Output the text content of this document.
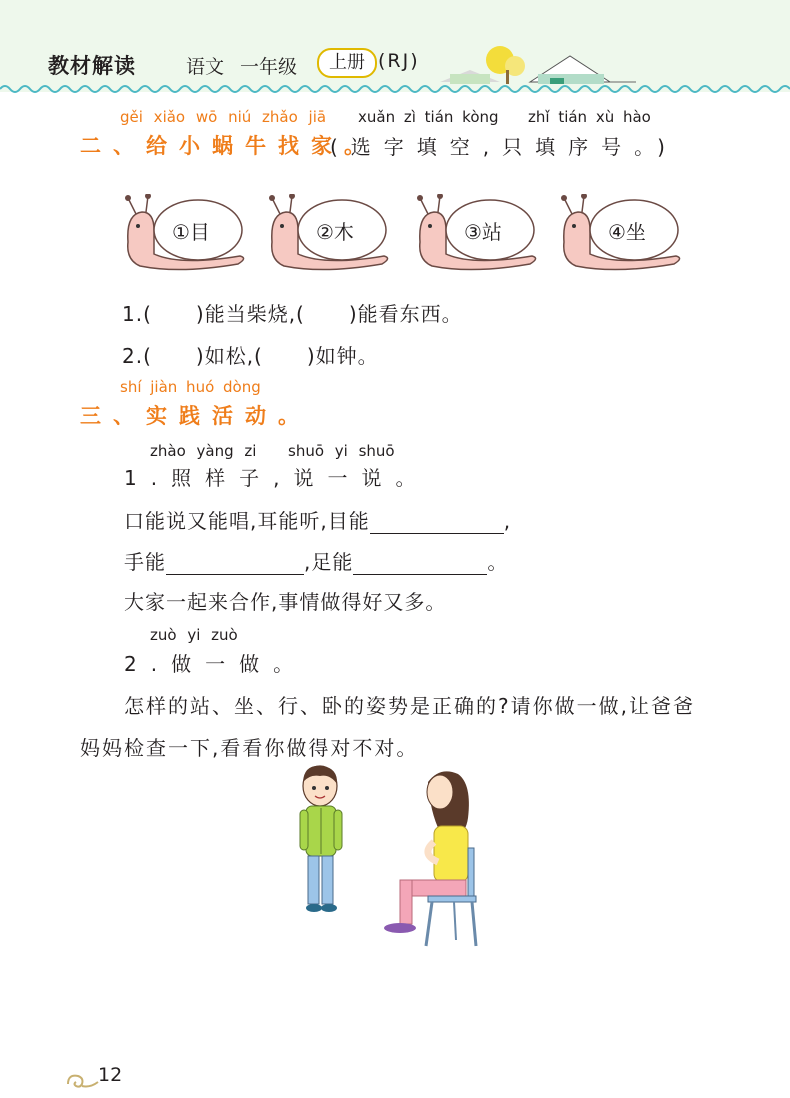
教材解读	语文 一年级	上册 (RJ)
gěi xiǎo wō niú zhǎo jiā xuǎn zì tián kòng zhǐ tián xù hào
二、给小蜗牛找家。
(选字填空,只填序号。)
①目	②木	③站	④坐
1.( )能当柴烧,( )能看东西。
2.( )如松,( )如钟。
shí jiàn huó dòng
三、实践活动。
zhào yàng zi shuō yi shuō
1.照样子,说一说。
口能说又能唱,耳能听,目能	,
手能	,足能	。
大家一起来合作,事情做得好又多。
zuò yi zuò
2.做一做。
怎样的站、坐、行、卧的姿势是正确的?请你做一做,让爸爸
妈妈检查一下,看看你做得对不对。
12
